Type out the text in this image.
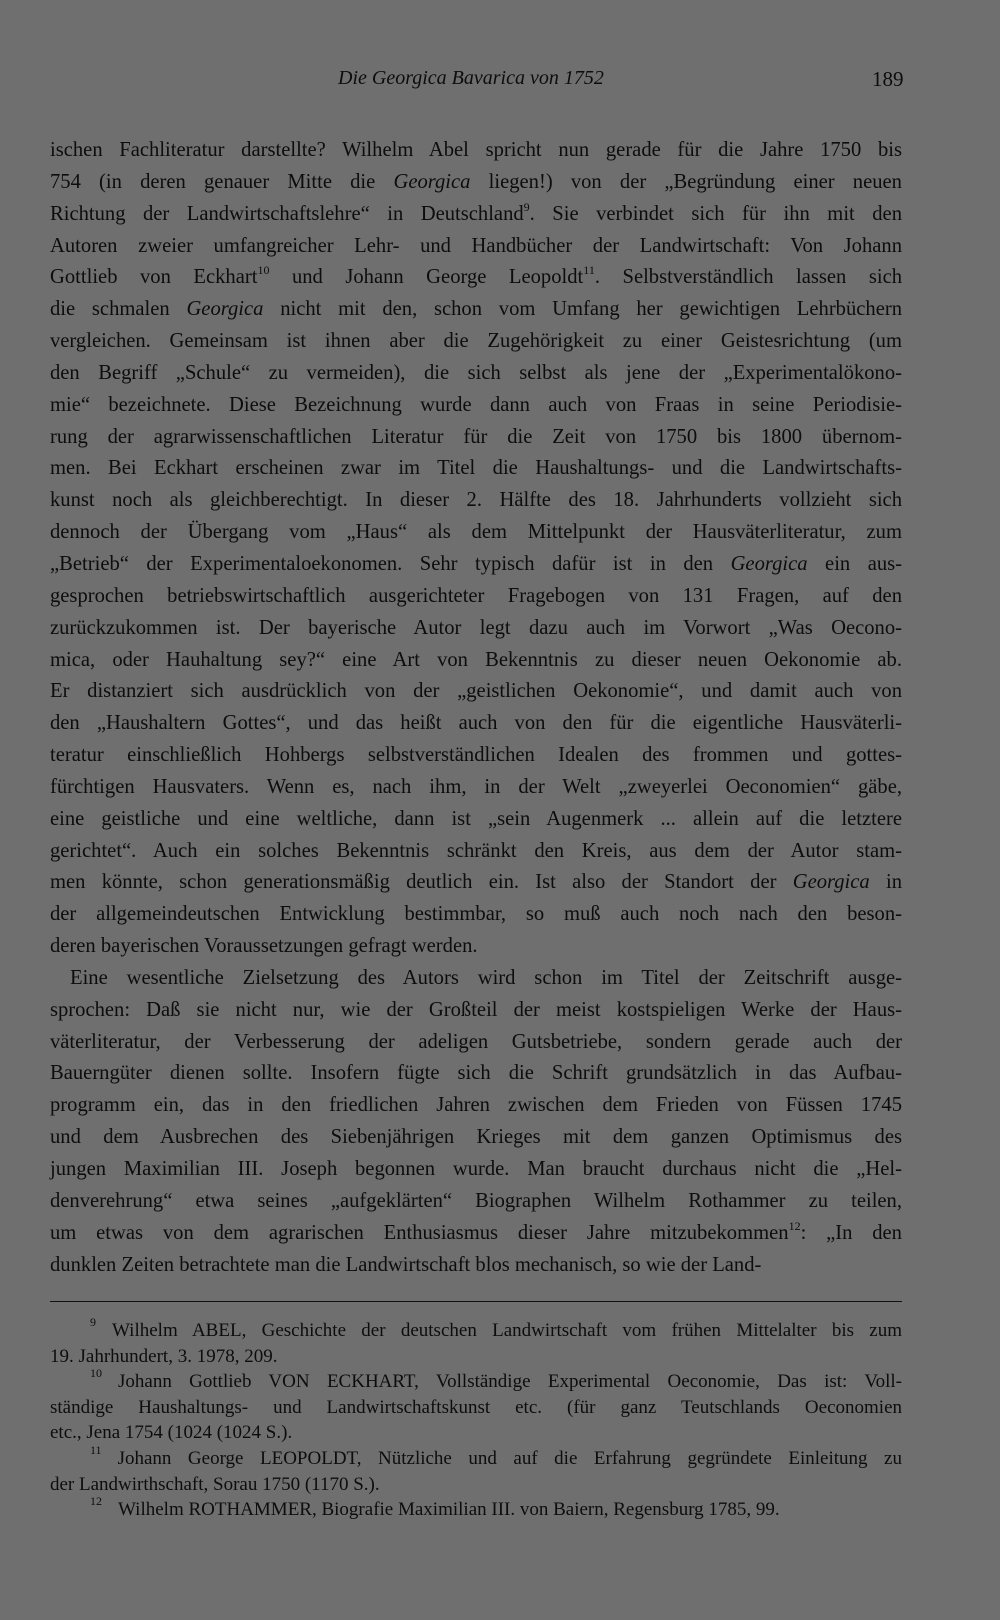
Die Georgica Bavarica von 1752	189
ischen Fachliteratur darstellte? Wilhelm Abel spricht nun gerade für die Jahre 1750 bis
754 (in deren genauer Mitte die Georgica liegen!) von der „Begründung einer neuen
Richtung der Landwirtschaftslehre“ in Deutschland$^9$. Sie verbindet sich für ihn mit den
Autoren zweier umfangreicher Lehr- und Handbücher der Landwirtschaft: Von Johann
Gottlieb von Eckhart$^{10}$ und Johann George Leopoldt$^{11}$. Selbstverständlich lassen sich
die schmalen Georgica nicht mit den, schon vom Umfang her gewichtigen Lehrbüchern
vergleichen. Gemeinsam ist ihnen aber die Zugehörigkeit zu einer Geistesrichtung (um
den Begriff „Schule“ zu vermeiden), die sich selbst als jene der „Experimentalökono-
mie“ bezeichnete. Diese Bezeichnung wurde dann auch von Fraas in seine Periodisie-
rung der agrarwissenschaftlichen Literatur für die Zeit von 1750 bis 1800 übernom-
men. Bei Eckhart erscheinen zwar im Titel die Haushaltungs- und die Landwirtschafts-
kunst noch als gleichberechtigt. In dieser 2. Hälfte des 18. Jahrhunderts vollzieht sich
dennoch der Übergang vom „Haus“ als dem Mittelpunkt der Hausväterliteratur, zum
„Betrieb“ der Experimentaloekonomen. Sehr typisch dafür ist in den Georgica ein aus-
gesprochen betriebswirtschaftlich ausgerichteter Fragebogen von 131 Fragen, auf den
zurückzukommen ist. Der bayerische Autor legt dazu auch im Vorwort „Was Oecono-
mica, oder Hauhaltung sey?“ eine Art von Bekenntnis zu dieser neuen Oekonomie ab.
Er distanziert sich ausdrücklich von der „geistlichen Oekonomie“, und damit auch von
den „Haushaltern Gottes“, und das heißt auch von den für die eigentliche Hausväterli-
teratur einschließlich Hohbergs selbstverständlichen Idealen des frommen und gottes-
fürchtigen Hausvaters. Wenn es, nach ihm, in der Welt „zweyerlei Oeconomien“ gäbe,
eine geistliche und eine weltliche, dann ist „sein Augenmerk ... allein auf die letztere
gerichtet“. Auch ein solches Bekenntnis schränkt den Kreis, aus dem der Autor stam-
men könnte, schon generationsmäßig deutlich ein. Ist also der Standort der Georgica in
der allgemeindeutschen Entwicklung bestimmbar, so muß auch noch nach den beson-
deren bayerischen Voraussetzungen gefragt werden.
Eine wesentliche Zielsetzung des Autors wird schon im Titel der Zeitschrift ausge-
sprochen: Daß sie nicht nur, wie der Großteil der meist kostspieligen Werke der Haus-
väterliteratur, der Verbesserung der adeligen Gutsbetriebe, sondern gerade auch der
Bauerngüter dienen sollte. Insofern fügte sich die Schrift grundsätzlich in das Aufbau-
programm ein, das in den friedlichen Jahren zwischen dem Frieden von Füssen 1745
und dem Ausbrechen des Siebenjährigen Krieges mit dem ganzen Optimismus des
jungen Maximilian III. Joseph begonnen wurde. Man braucht durchaus nicht die „Hel-
denverehrung“ etwa seines „aufgeklärten“ Biographen Wilhelm Rothammer zu teilen,
um etwas von dem agrarischen Enthusiasmus dieser Jahre mitzubekommen$^{12}$: „In den
dunklen Zeiten betrachtete man die Landwirtschaft blos mechanisch, so wie der Land-
$^9$ Wilhelm ABEL, Geschichte der deutschen Landwirtschaft vom frühen Mittelalter bis zum
19. Jahrhundert, 3. 1978, 209.
$^{10}$ Johann Gottlieb VON ECKHART, Vollständige Experimental Oeconomie, Das ist: Voll-
ständige Haushaltungs- und Landwirtschaftskunst etc. (für ganz Teutschlands Oeconomien
etc., Jena 1754 (1024 (1024 S.).
$^{11}$ Johann George LEOPOLDT, Nützliche und auf die Erfahrung gegründete Einleitung zu
der Landwirthschaft, Sorau 1750 (1170 S.).
$^{12}$ Wilhelm ROTHAMMER, Biografie Maximilian III. von Baiern, Regensburg 1785, 99.
